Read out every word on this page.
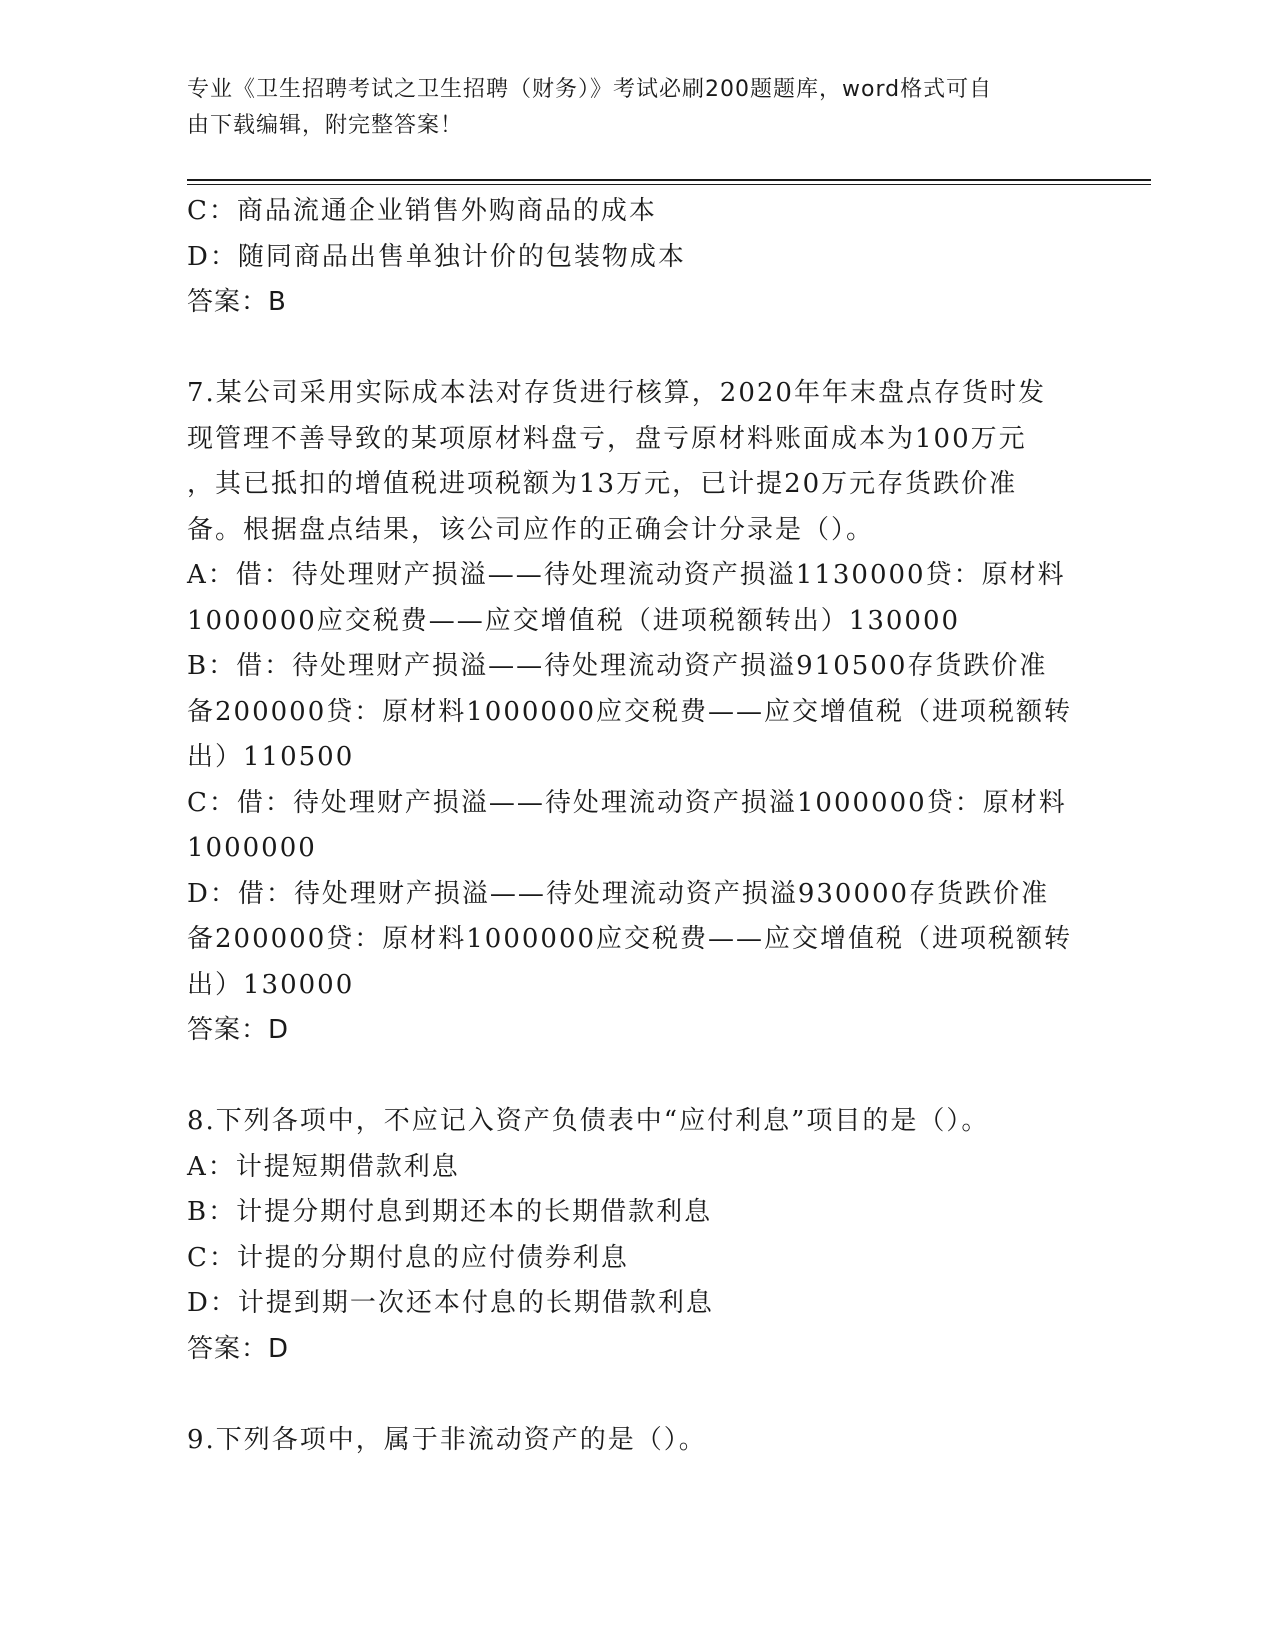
专业《卫生招聘考试之卫生招聘（财务）》考试必刷200题题库，word格式可自
由下载编辑，附完整答案！
C：商品流通企业销售外购商品的成本
D：随同商品出售单独计价的包装物成本
答案：B
7.某公司采用实际成本法对存货进行核算，2020年年末盘点存货时发
现管理不善导致的某项原材料盘亏，盘亏原材料账面成本为100万元
，其已抵扣的增值税进项税额为13万元，已计提20万元存货跌价准
备。根据盘点结果，该公司应作的正确会计分录是（）。
A：借：待处理财产损溢——待处理流动资产损溢1130000贷：原材料
1000000应交税费——应交增值税（进项税额转出）130000
B：借：待处理财产损溢——待处理流动资产损溢910500存货跌价准
备200000贷：原材料1000000应交税费——应交增值税（进项税额转
出）110500
C：借：待处理财产损溢——待处理流动资产损溢1000000贷：原材料
1000000
D：借：待处理财产损溢——待处理流动资产损溢930000存货跌价准
备200000贷：原材料1000000应交税费——应交增值税（进项税额转
出）130000
答案：D
8.下列各项中，不应记入资产负债表中“应付利息”项目的是（）。
A：计提短期借款利息
B：计提分期付息到期还本的长期借款利息
C：计提的分期付息的应付债券利息
D：计提到期一次还本付息的长期借款利息
答案：D
9.下列各项中，属于非流动资产的是（）。
